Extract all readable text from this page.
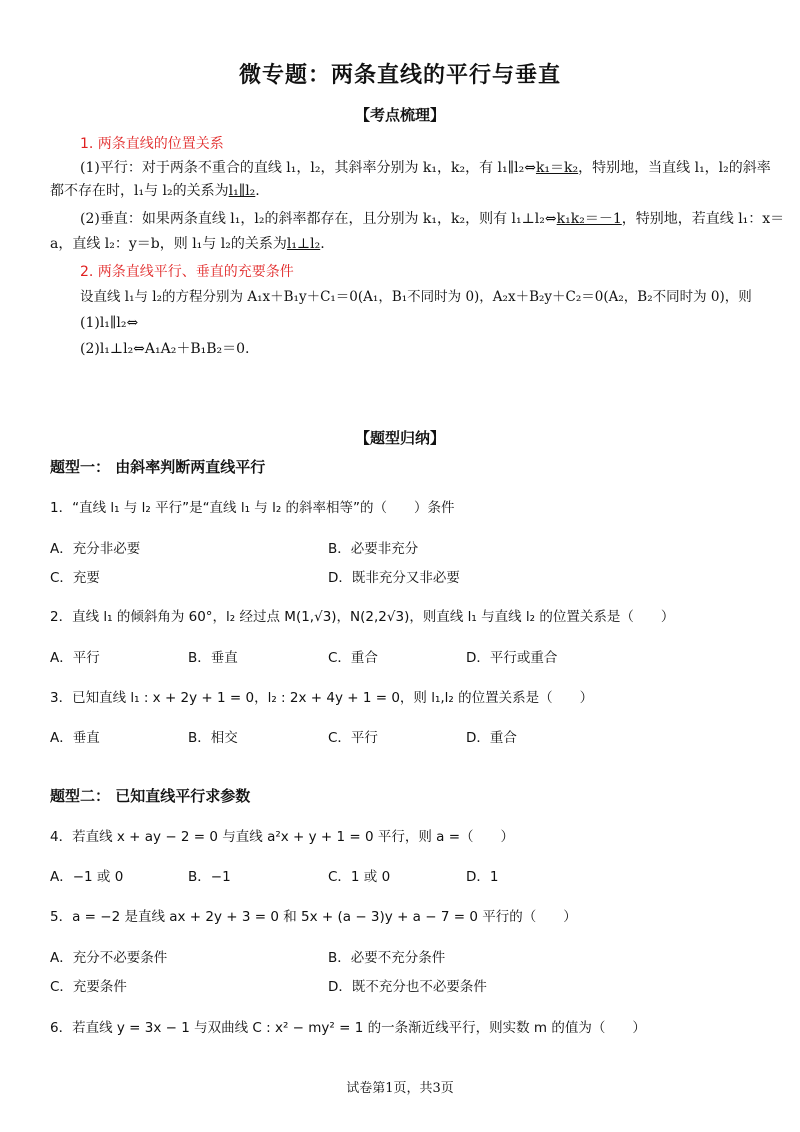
微专题：两条直线的平行与垂直
【考点梳理】
1. 两条直线的位置关系
(1)平行：对于两条不重合的直线 l₁，l₂，其斜率分别为 k₁，k₂，有 l₁∥l₂⇔k₁＝k₂，特别地，当直线 l₁，l₂的斜率
都不存在时，l₁与 l₂的关系为l₁∥l₂.
(2)垂直：如果两条直线 l₁，l₂的斜率都存在，且分别为 k₁，k₂，则有 l₁⊥l₂⇔k₁k₂＝－1，特别地，若直线 l₁：x＝
a，直线 l₂：y＝b，则 l₁与 l₂的关系为l₁⊥l₂.
2. 两条直线平行、垂直的充要条件
设直线 l₁与 l₂的方程分别为 A₁x＋B₁y＋C₁＝0(A₁，B₁不同时为 0)，A₂x＋B₂y＋C₂＝0(A₂，B₂不同时为 0)，则
(1)l₁∥l₂⇔
(2)l₁⊥l₂⇔A₁A₂＋B₁B₂＝0.
【题型归纳】
题型一： 由斜率判断两直线平行
1．“直线 l₁ 与 l₂ 平行”是“直线 l₁ 与 l₂ 的斜率相等”的（　　）条件
A．充分非必要	B．必要非充分
C．充要	D．既非充分又非必要
2．直线 l₁ 的倾斜角为 60°，l₂ 经过点 M(1,√3)，N(2,2√3)，则直线 l₁ 与直线 l₂ 的位置关系是（　　）
A．平行	B．垂直	C．重合	D．平行或重合
3．已知直线 l₁ : x + 2y + 1 = 0，l₂ : 2x + 4y + 1 = 0，则 l₁,l₂ 的位置关系是（　　）
A．垂直	B．相交	C．平行	D．重合
题型二： 已知直线平行求参数
4．若直线 x + ay − 2 = 0 与直线 a²x + y + 1 = 0 平行，则 a =（　　）
A．−1 或 0	B．−1	C．1 或 0	D．1
5．a = −2 是直线 ax + 2y + 3 = 0 和 5x + (a − 3)y + a − 7 = 0 平行的（　　）
A．充分不必要条件	B．必要不充分条件
C．充要条件	D．既不充分也不必要条件
6．若直线 y = 3x − 1 与双曲线 C : x² − my² = 1 的一条渐近线平行，则实数 m 的值为（　　）
试卷第1页，共3页
